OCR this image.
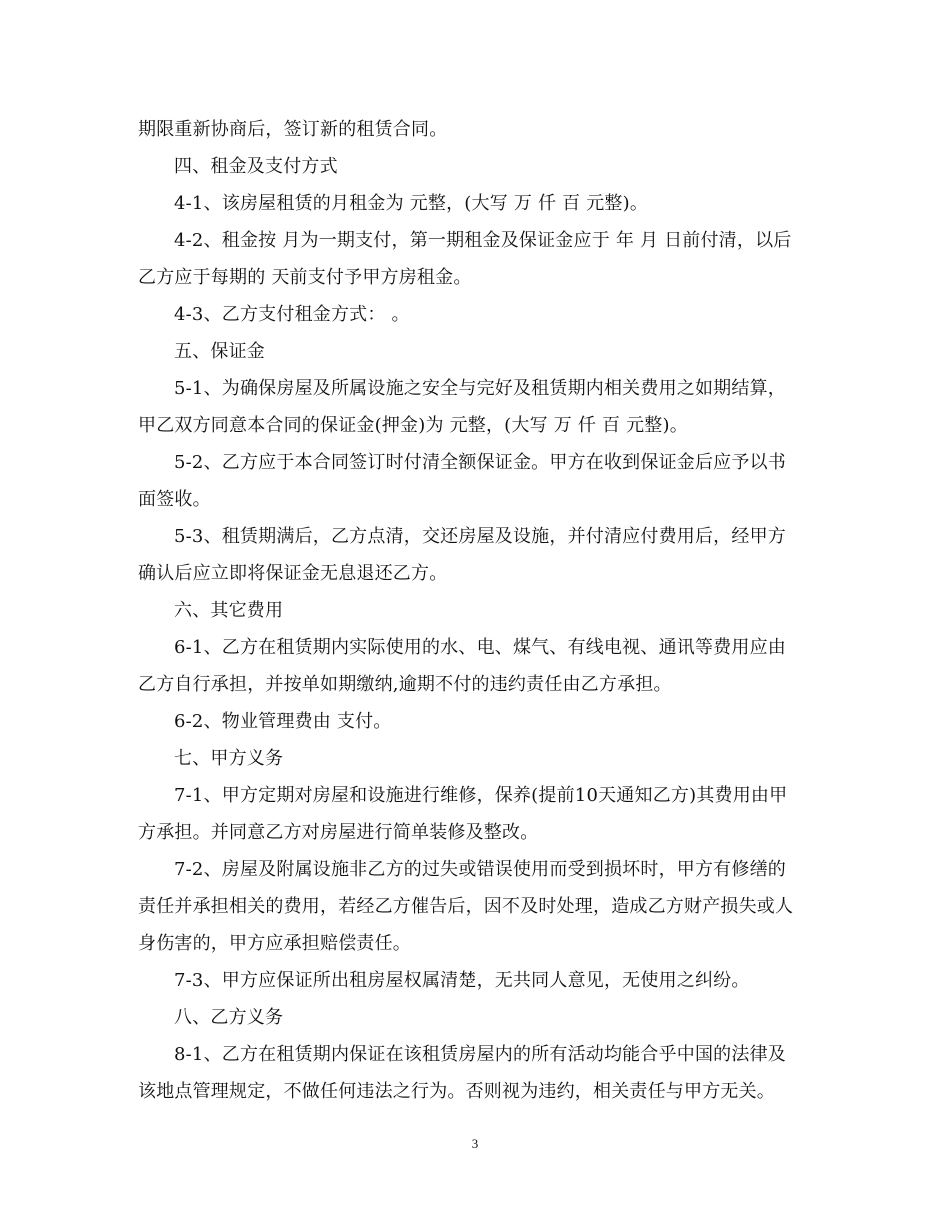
期限重新协商后，签订新的租赁合同。
四、租金及支付方式
4-1、该房屋租赁的月租金为 元整，(大写 万 仟 百 元整)。
4-2、租金按 月为一期支付，第一期租金及保证金应于 年 月 日前付清，以后
乙方应于每期的 天前支付予甲方房租金。
4-3、乙方支付租金方式： 。
五、保证金
5-1、为确保房屋及所属设施之安全与完好及租赁期内相关费用之如期结算，
甲乙双方同意本合同的保证金(押金)为 元整，(大写 万 仟 百 元整)。
5-2、乙方应于本合同签订时付清全额保证金。甲方在收到保证金后应予以书
面签收。
5-3、租赁期满后，乙方点清，交还房屋及设施，并付清应付费用后，经甲方
确认后应立即将保证金无息退还乙方。
六、其它费用
6-1、乙方在租赁期内实际使用的水、电、煤气、有线电视、通讯等费用应由
乙方自行承担，并按单如期缴纳,逾期不付的违约责任由乙方承担。
6-2、物业管理费由 支付。
七、甲方义务
7-1、甲方定期对房屋和设施进行维修，保养(提前10天通知乙方)其费用由甲
方承担。并同意乙方对房屋进行简单装修及整改。
7-2、房屋及附属设施非乙方的过失或错误使用而受到损坏时，甲方有修缮的
责任并承担相关的费用，若经乙方催告后，因不及时处理，造成乙方财产损失或人
身伤害的，甲方应承担赔偿责任。
7-3、甲方应保证所出租房屋权属清楚，无共同人意见，无使用之纠纷。
八、乙方义务
8-1、乙方在租赁期内保证在该租赁房屋内的所有活动均能合乎中国的法律及
该地点管理规定，不做任何违法之行为。否则视为违约，相关责任与甲方无关。
3
